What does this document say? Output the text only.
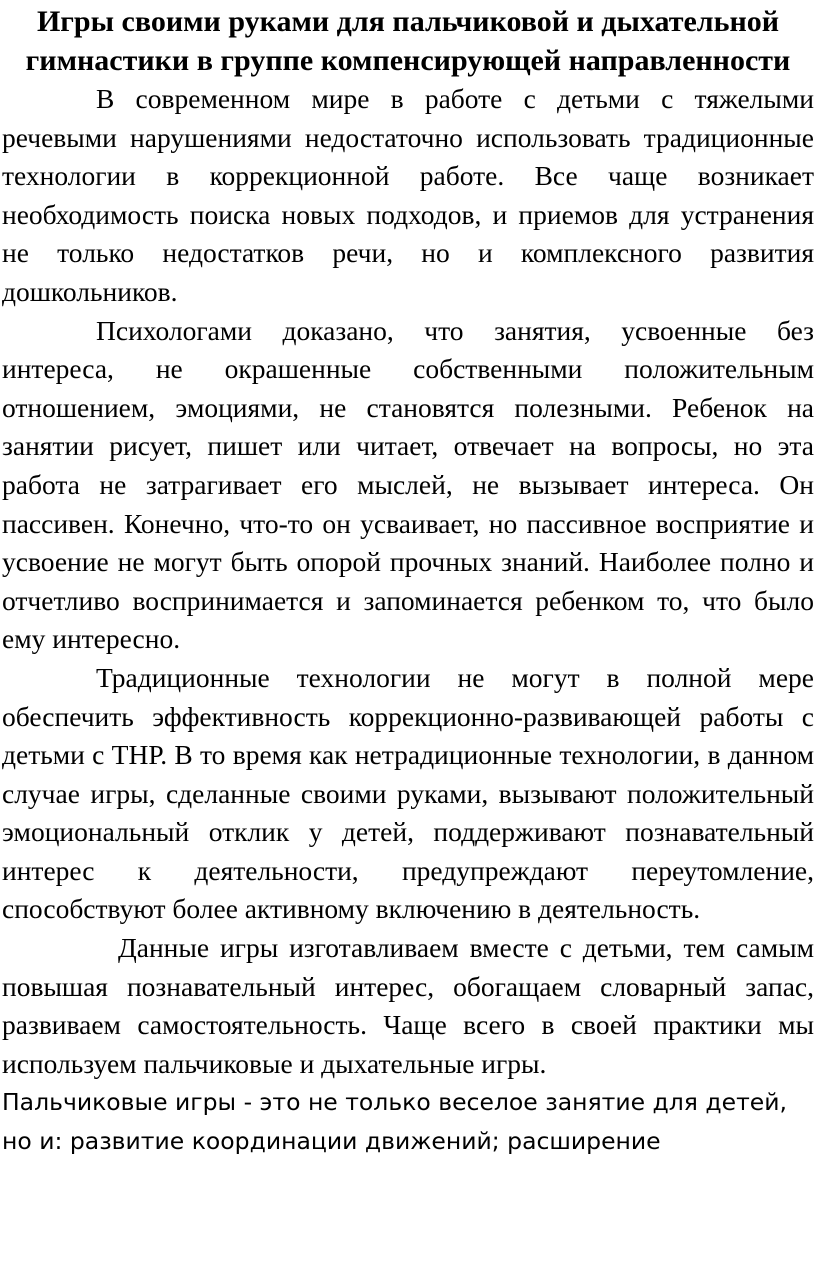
Игры своими руками для пальчиковой и дыхательной гимнастики в группе компенсирующей направленности

В современном мире в работе с детьми с тяжелыми речевыми нарушениями недостаточно использовать традиционные технологии в коррекционной работе. Все чаще возникает необходимость поиска новых подходов, и приемов для устранения не только недостатков речи, но и комплексного развития дошкольников.

Психологами доказано, что занятия, усвоенные без интереса, не окрашенные собственными положительным отношением, эмоциями, не становятся полезными. Ребенок на занятии рисует, пишет или читает, отвечает на вопросы, но эта работа не затрагивает его мыслей, не вызывает интереса. Он пассивен. Конечно, что-то он усваивает, но пассивное восприятие и усвоение не могут быть опорой прочных знаний. Наиболее полно и отчетливо воспринимается и запоминается ребенком то, что было ему интересно.

Традиционные технологии не могут в полной мере обеспечить эффективность коррекционно-развивающей работы с детьми с ТНР. В то время как нетрадиционные технологии, в данном случае игры, сделанные своими руками, вызывают положительный эмоциональный отклик у детей, поддерживают познавательный интерес к деятельности, предупреждают переутомление, способствуют более активному включению в деятельность.

Данные игры изготавливаем вместе с детьми, тем самым повышая познавательный интерес, обогащаем словарный запас, развиваем самостоятельность. Чаще всего в своей практики мы используем пальчиковые и дыхательные игры.

Пальчиковые игры - это не только веселое занятие для детей, но и: развитие координации движений; расширение
